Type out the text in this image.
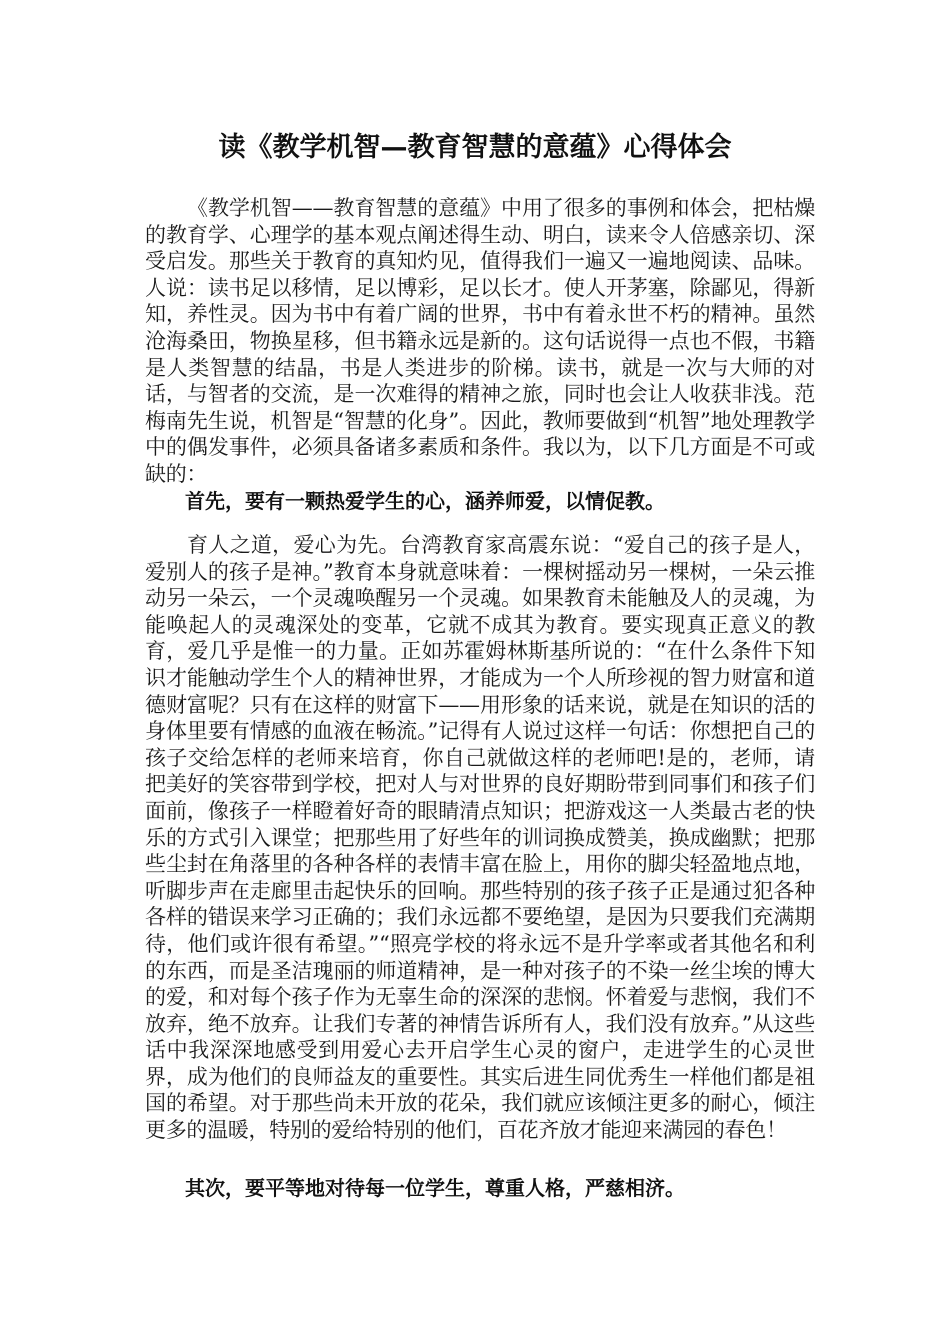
读《教学机智—教育智慧的意蕴》心得体会

《教学机智——教育智慧的意蕴》中用了很多的事例和体会，把枯燥的教育学、心理学的基本观点阐述得生动、明白，读来令人倍感亲切、深受启发。那些关于教育的真知灼见，值得我们一遍又一遍地阅读、品味。人说：读书足以移情，足以博彩，足以长才。使人开茅塞，除鄙见，得新知，养性灵。因为书中有着广阔的世界，书中有着永世不朽的精神。虽然沧海桑田，物换星移，但书籍永远是新的。这句话说得一点也不假，书籍是人类智慧的结晶，书是人类进步的阶梯。读书，就是一次与大师的对话，与智者的交流，是一次难得的精神之旅，同时也会让人收获非浅。范梅南先生说，机智是“智慧的化身”。因此，教师要做到“机智”地处理教学中的偶发事件，必须具备诸多素质和条件。我以为，以下几方面是不可或缺的：

首先，要有一颗热爱学生的心，涵养师爱，以情促教。

育人之道，爱心为先。台湾教育家高震东说：“爱自己的孩子是人，爱别人的孩子是神。”教育本身就意味着：一棵树摇动另一棵树，一朵云推动另一朵云，一个灵魂唤醒另一个灵魂。如果教育未能触及人的灵魂，为能唤起人的灵魂深处的变革，它就不成其为教育。要实现真正意义的教育，爱几乎是惟一的力量。正如苏霍姆林斯基所说的：“在什么条件下知识才能触动学生个人的精神世界，才能成为一个人所珍视的智力财富和道德财富呢？只有在这样的财富下——用形象的话来说，就是在知识的活的身体里要有情感的血液在畅流。”记得有人说过这样一句话：你想把自己的孩子交给怎样的老师来培育，你自己就做这样的老师吧!是的，老师，请把美好的笑容带到学校，把对人与对世界的良好期盼带到同事们和孩子们面前，像孩子一样瞪着好奇的眼睛清点知识；把游戏这一人类最古老的快乐的方式引入课堂；把那些用了好些年的训词换成赞美，换成幽默；把那些尘封在角落里的各种各样的表情丰富在脸上，用你的脚尖轻盈地点地，听脚步声在走廊里击起快乐的回响。那些特别的孩子孩子正是通过犯各种各样的错误来学习正确的；我们永远都不要绝望，是因为只要我们充满期待，他们或许很有希望。”“照亮学校的将永远不是升学率或者其他名和利的东西，而是圣洁瑰丽的师道精神，是一种对孩子的不染一丝尘埃的博大的爱，和对每个孩子作为无辜生命的深深的悲悯。怀着爱与悲悯，我们不放弃，绝不放弃。让我们专著的神情告诉所有人，我们没有放弃。”从这些话中我深深地感受到用爱心去开启学生心灵的窗户，走进学生的心灵世界，成为他们的良师益友的重要性。其实后进生同优秀生一样他们都是祖国的希望。对于那些尚未开放的花朵，我们就应该倾注更多的耐心，倾注更多的温暖，特别的爱给特别的他们，百花齐放才能迎来满园的春色！

其次，要平等地对待每一位学生，尊重人格，严慈相济。
